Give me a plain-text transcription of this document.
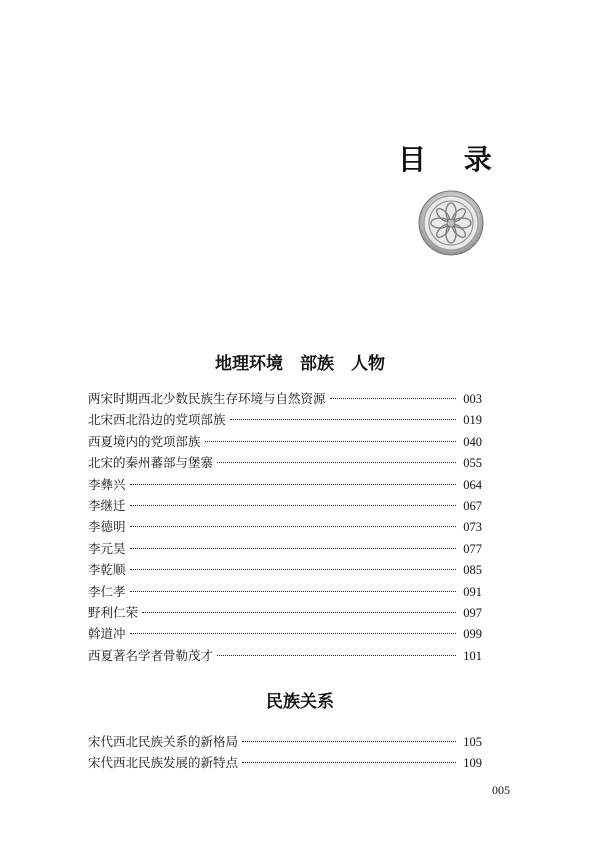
目 录
地理环境　部族　人物
两宋时期西北少数民族生存环境与自然资源	003
北宋西北沿边的党项部族	019
西夏境内的党项部族	040
北宋的秦州蕃部与堡寨	055
李彝兴	064
李继迁	067
李德明	073
李元昊	077
李乾顺	085
李仁孝	091
野利仁荣	097
斡道冲	099
西夏著名学者骨勒茂才	101
民族关系
宋代西北民族关系的新格局	105
宋代西北民族发展的新特点	109
005
